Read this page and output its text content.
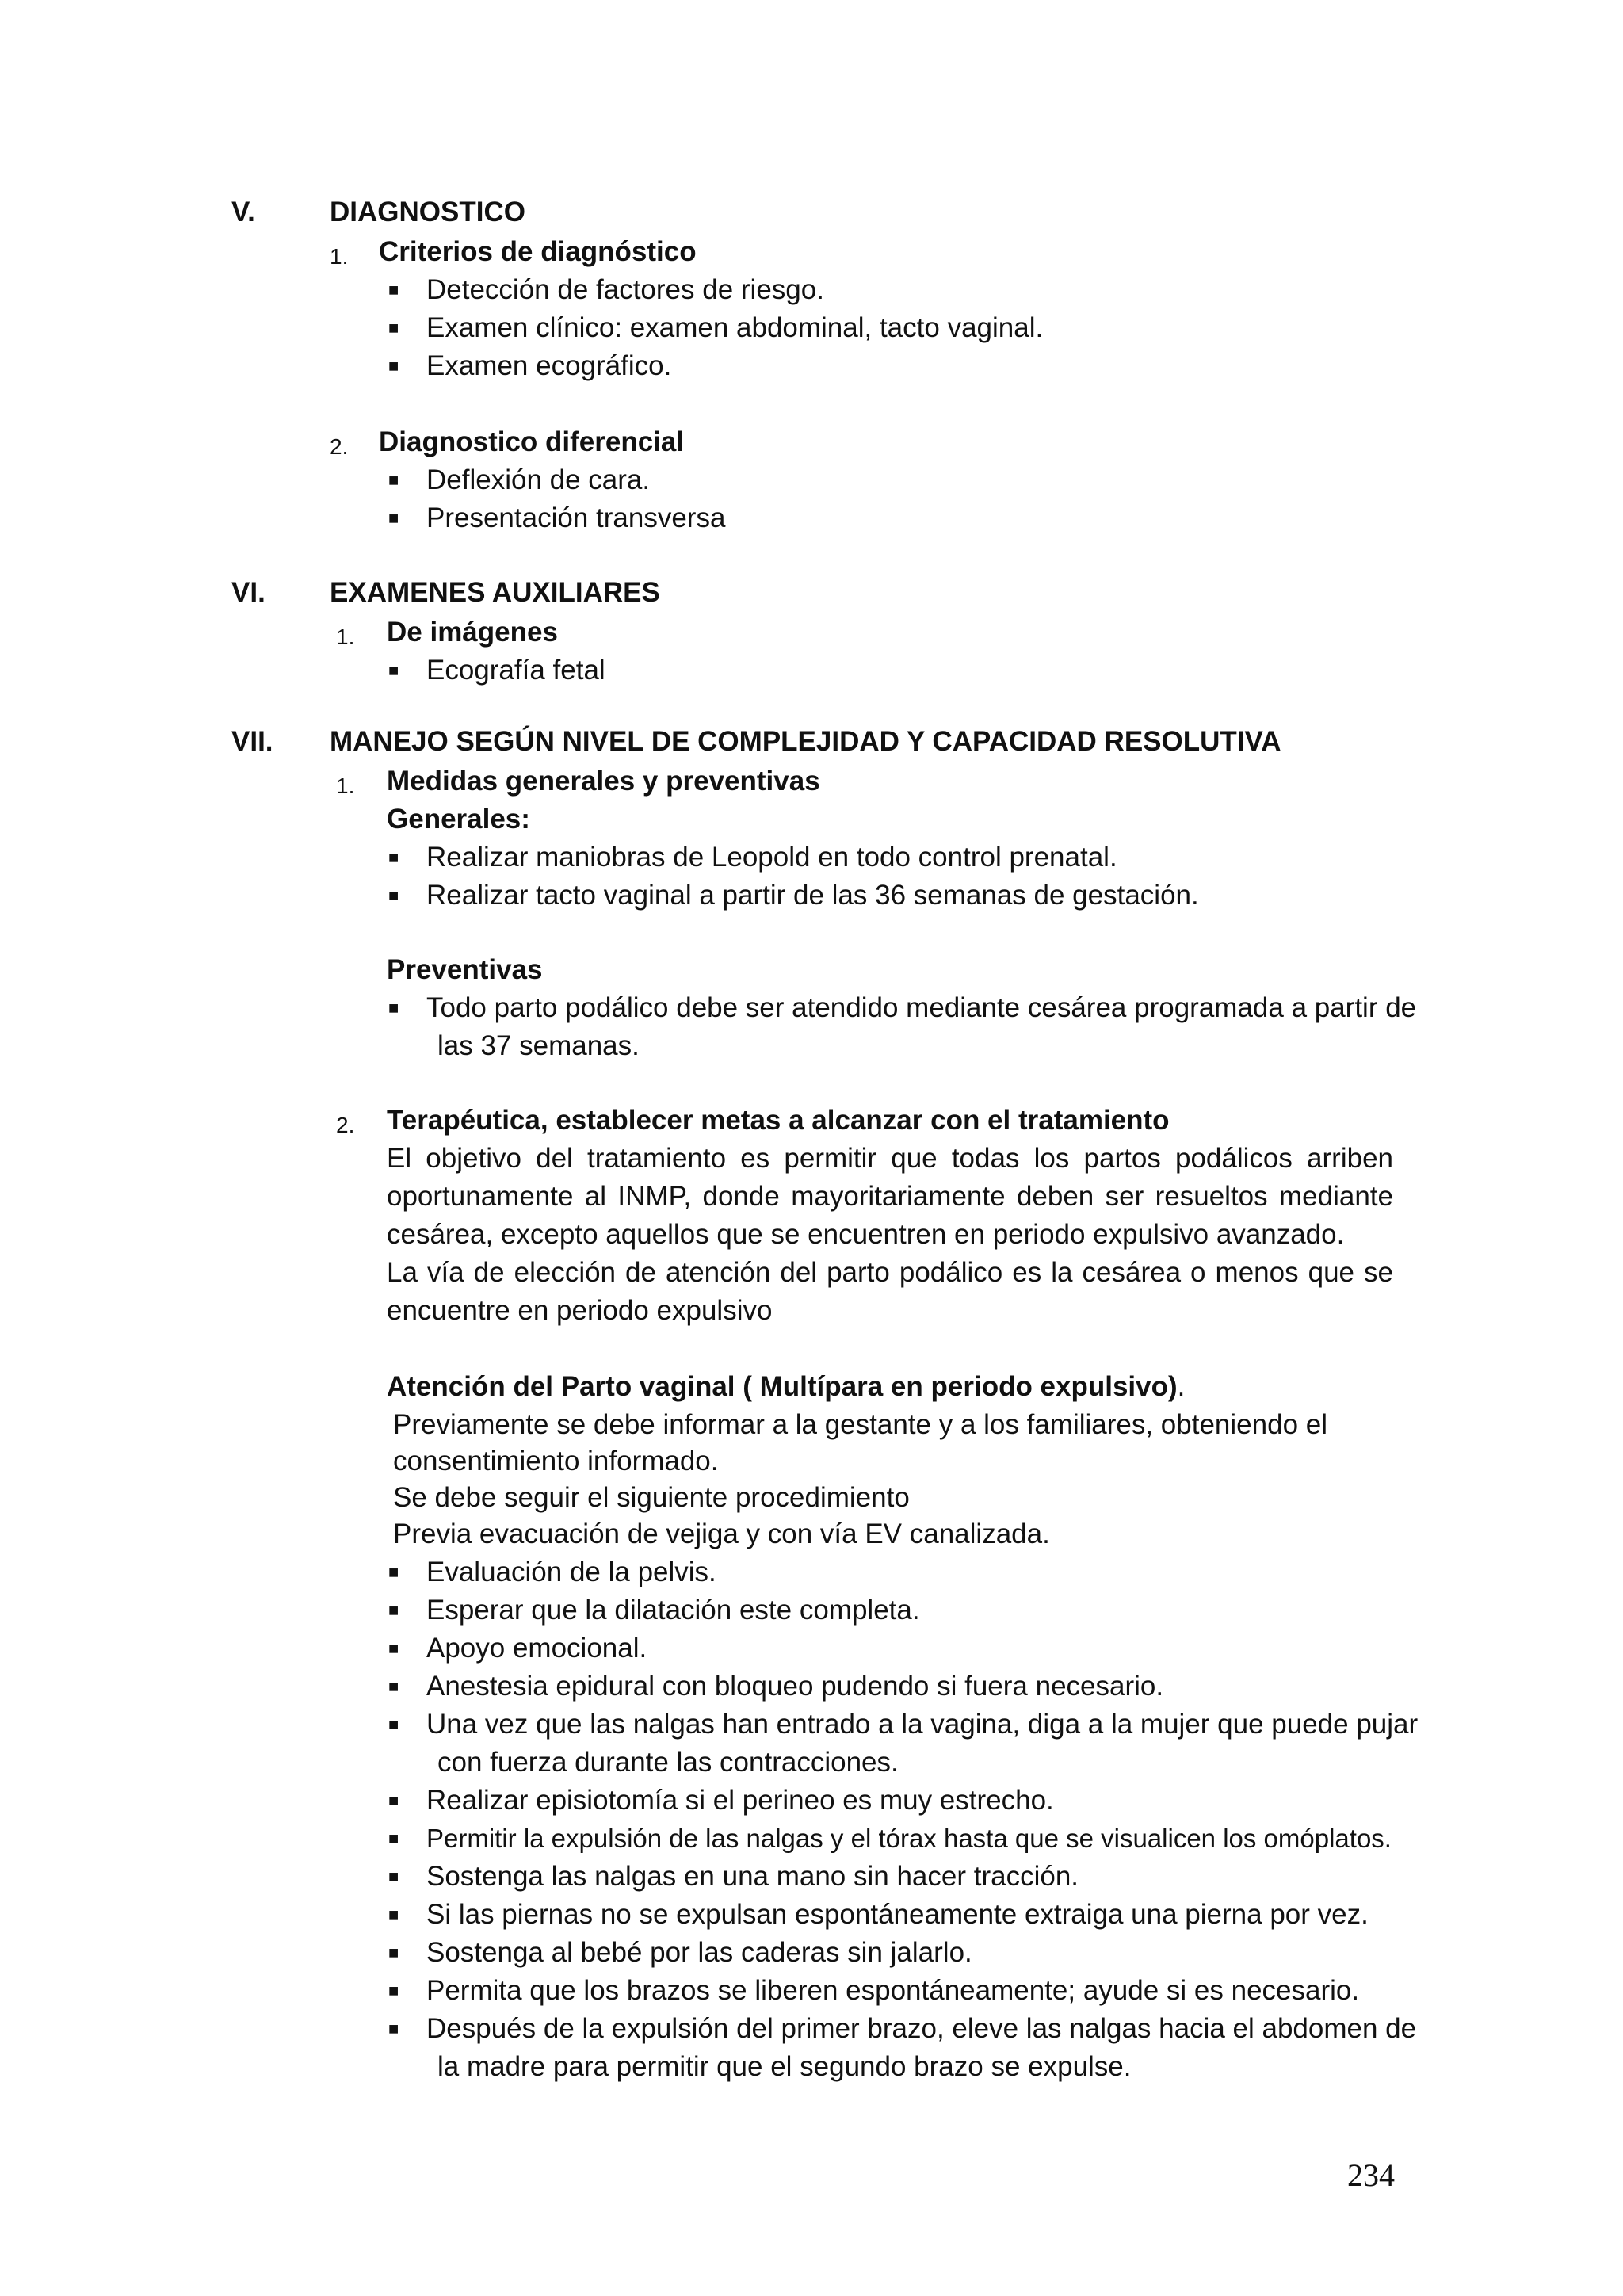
V.	DIAGNOSTICO
1. Criterios de diagnóstico
■ Detección de factores de riesgo.
■ Examen clínico: examen abdominal, tacto vaginal.
■ Examen ecográfico.
2. Diagnostico diferencial
■ Deflexión de cara.
■ Presentación transversa
VI. EXAMENES AUXILIARES
1. De imágenes
■ Ecografía fetal
VII. MANEJO SEGÚN NIVEL DE COMPLEJIDAD Y CAPACIDAD RESOLUTIVA
1. Medidas generales y preventivas
Generales:
■ Realizar maniobras de Leopold en todo control prenatal.
■ Realizar tacto vaginal a partir de las 36 semanas de gestación.
Preventivas
■ Todo parto podálico debe ser atendido mediante cesárea programada a partir de
las 37 semanas.
2. Terapéutica, establecer metas a alcanzar con el tratamiento
El objetivo del tratamiento es permitir que todas los partos podálicos arriben
oportunamente al INMP, donde mayoritariamente deben ser resueltos mediante
cesárea, excepto aquellos que se encuentren en periodo expulsivo avanzado.
La vía de elección de atención del parto podálico es la cesárea o menos que se
encuentre en periodo expulsivo
Atención del Parto vaginal ( Multípara en periodo expulsivo).
Previamente se debe informar a la gestante y a los familiares, obteniendo el
consentimiento informado.
Se debe seguir el siguiente procedimiento
Previa evacuación de vejiga y con vía EV canalizada.
■ Evaluación de la pelvis.
■ Esperar que la dilatación este completa.
■ Apoyo emocional.
■ Anestesia epidural con bloqueo pudendo si fuera necesario.
■ Una vez que las nalgas han entrado a la vagina, diga a la mujer que puede pujar
con fuerza durante las contracciones.
■ Realizar episiotomía si el perineo es muy estrecho.
■ Permitir la expulsión de las nalgas y el tórax hasta que se visualicen los omóplatos.
■ Sostenga las nalgas en una mano sin hacer tracción.
■ Si las piernas no se expulsan espontáneamente extraiga una pierna por vez.
■ Sostenga al bebé por las caderas sin jalarlo.
■ Permita que los brazos se liberen espontáneamente; ayude si es necesario.
■ Después de la expulsión del primer brazo, eleve las nalgas hacia el abdomen de
la madre para permitir que el segundo brazo se expulse.
234
